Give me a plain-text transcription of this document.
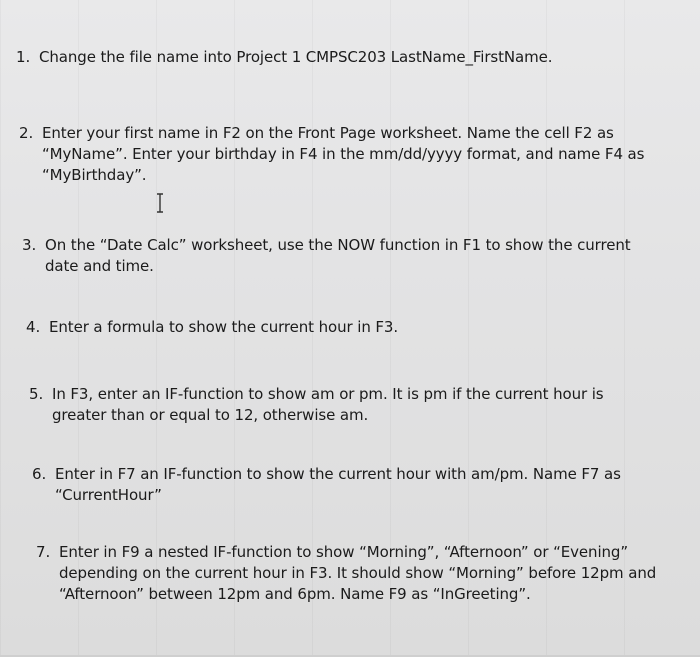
1. Change the file name into Project 1 CMPSC203 LastName_FirstName.
2. Enter your first name in F2 on the Front Page worksheet. Name the cell F2 as
“MyName”. Enter your birthday in F4 in the mm/dd/yyyy format, and name F4 as
“MyBirthday”.
3. On the “Date Calc” worksheet, use the NOW function in F1 to show the current
date and time.
4. Enter a formula to show the current hour in F3.
5. In F3, enter an IF-function to show am or pm. It is pm if the current hour is
greater than or equal to 12, otherwise am.
6. Enter in F7 an IF-function to show the current hour with am/pm. Name F7 as
“CurrentHour”
7. Enter in F9 a nested IF-function to show “Morning”, “Afternoon” or “Evening”
depending on the current hour in F3. It should show “Morning” before 12pm and
“Afternoon” between 12pm and 6pm. Name F9 as “InGreeting”.
